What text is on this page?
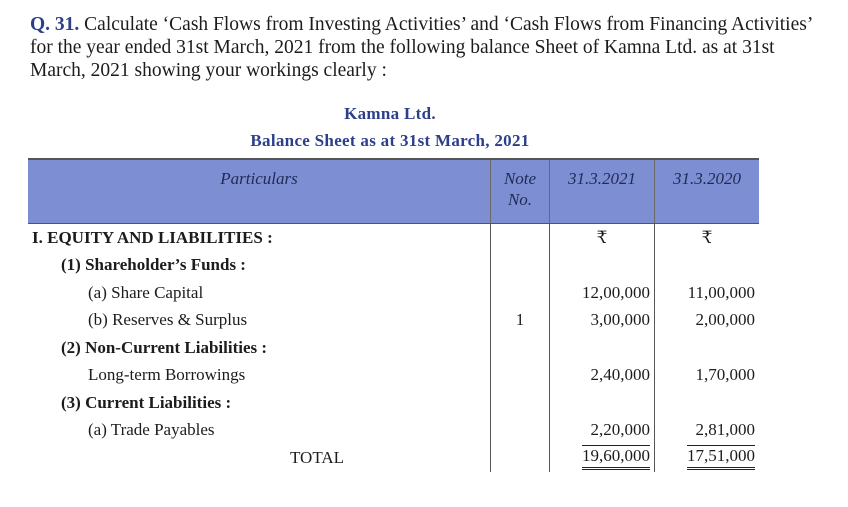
Q. 31. Calculate ‘Cash Flows from Investing Activities’ and ‘Cash Flows from Financing Activities’ for the year ended 31st March, 2021 from the following balance Sheet of Kamna Ltd. as at 31st March, 2021 showing your workings clearly :
Kamna Ltd.
Balance Sheet as at 31st March, 2021
Particulars	Note No.	31.3.2021	31.3.2020
I. EQUITY AND LIABILITIES :		₹	₹
(1) Shareholder’s Funds :			
(a) Share Capital		12,00,000	11,00,000
(b) Reserves & Surplus	1	3,00,000	2,00,000
(2) Non-Current Liabilities :			
Long-term Borrowings		2,40,000	1,70,000
(3) Current Liabilities :			
(a) Trade Payables		2,20,000	2,81,000
TOTAL		19,60,000	17,51,000
